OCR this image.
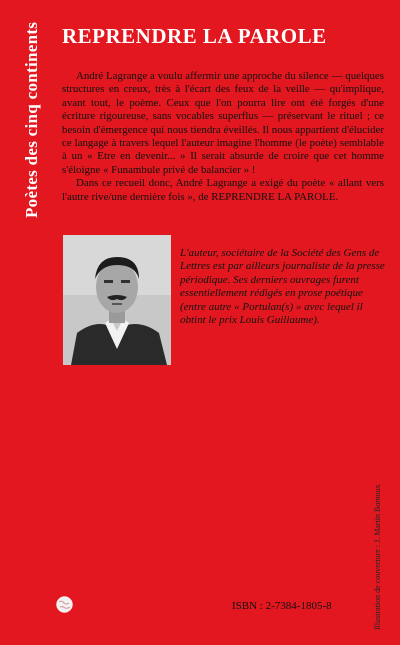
Poètes des cinq continents REPRENDRE LA PAROLE

André Lagrange a voulu affermir une approche du silence — quelques structures en creux, très à l'écart des feux de la veille — qu'implique, avant tout, le poème. Ceux que l'on pourra lire ont été forgés d'une écriture rigoureuse, sans vocables superflus — préservant le rituel ; ce besoin d'émergence qui nous tiendra éveillés. Il nous appartient d'élucider ce langage à travers lequel l'auteur imagine l'homme (le poète) semblable à un « Etre en devenir... » Il serait absurde de croire que cet homme s'éloigne « Funambule privé de balancier » !

Dans ce recueil donc, André Lagrange a exigé du poète « allant vers l'autre rive/une dernière fois », de REPRENDRE LA PAROLE.

L'auteur, sociétaire de la Société des Gens de Lettres est par ailleurs journaliste de la presse périodique. Ses derniers ouvrages furent essentiellement rédigés en prose poétique (entre autre « Portulan(s) » avec lequel il obtint le prix Louis Guillaume).
Illustration de couverture : J. Martin Bontoux
ISBN : 2-7384-1805-8
